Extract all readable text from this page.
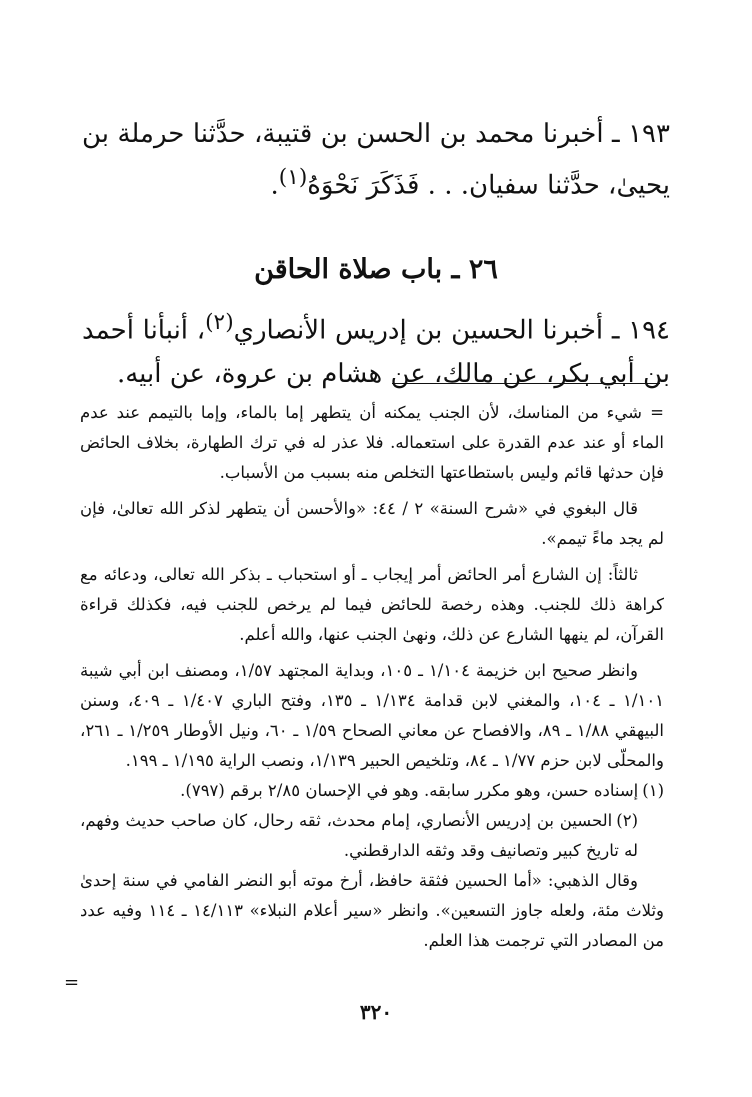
١٩٣ ـ أخبرنا محمد بن الحسن بن قتيبة، حدَّثنا حرملة بن يحيىٰ، حدَّثنا سفيان. . . فَذَكَرَ نَحْوَهُ$^{(١)}$.

٢٦ ـ باب صلاة الحاقن

١٩٤ ـ أخبرنا الحسين بن إدريس الأنصاري$^{(٢)}$، أنبأنا أحمد بن أبي بكر، عن مالك، عن هشام بن عروة، عن أبيه.

=شيء من المناسك، لأن الجنب يمكنه أن يتطهر إما بالماء، وإما بالتيمم عند عدم الماء أو عند عدم القدرة على استعماله. فلا عذر له في ترك الطهارة، بخلاف الحائض فإن حدثها قائم وليس باستطاعتها التخلص منه بسبب من الأسباب.

قال البغوي في «شرح السنة» ٢ / ٤٤: «والأحسن أن يتطهر لذكر الله تعالىٰ، فإن لم يجد ماءً تيمم».

ثالثاً: إن الشارع أمر الحائض أمر إيجاب ـ أو استحباب ـ بذكر الله تعالى، ودعائه مع كراهة ذلك للجنب. وهذه رخصة للحائض فيما لم يرخص للجنب فيه، فكذلك قراءة القرآن، لم ينهها الشارع عن ذلك، ونهىٰ الجنب عنها، والله أعلم.

وانظر صحيح ابن خزيمة ١/١٠٤ ـ ١٠٥، وبداية المجتهد ١/٥٧، ومصنف ابن أبي شيبة ١/١٠١ ـ ١٠٤، والمغني لابن قدامة ١/١٣٤ ـ ١٣٥، وفتح الباري ١/٤٠٧ ـ ٤٠٩، وسنن البيهقي ١/٨٨ ـ ٨٩، والافصاح عن معاني الصحاح ١/٥٩ ـ ٦٠، ونيل الأوطار ١/٢٥٩ ـ ٢٦١، والمحلّى لابن حزم ١/٧٧ ـ ٨٤، وتلخيص الحبير ١/١٣٩، ونصب الراية ١/١٩٥ ـ ١٩٩.

(١)إسناده حسن، وهو مكرر سابقه. وهو في الإحسان ٢/٨٥ برقم (٧٩٧).

(٢)الحسين بن إدريس الأنصاري، إمام محدث، ثقه رحال، كان صاحب حديث وفهم، له تاريخ كبير وتصانيف وقد وثقه الدارقطني.

وقال الذهبي: «أما الحسين فثقة حافظ، أرخ موته أبو النضر الفامي في سنة إحدىٰ وثلاث مئة، ولعله جاوز التسعين». وانظر «سير أعلام النبلاء» ١٤/١١٣ ـ ١١٤ وفيه عدد من المصادر التي ترجمت هذا العلم.

=
٣٢٠
